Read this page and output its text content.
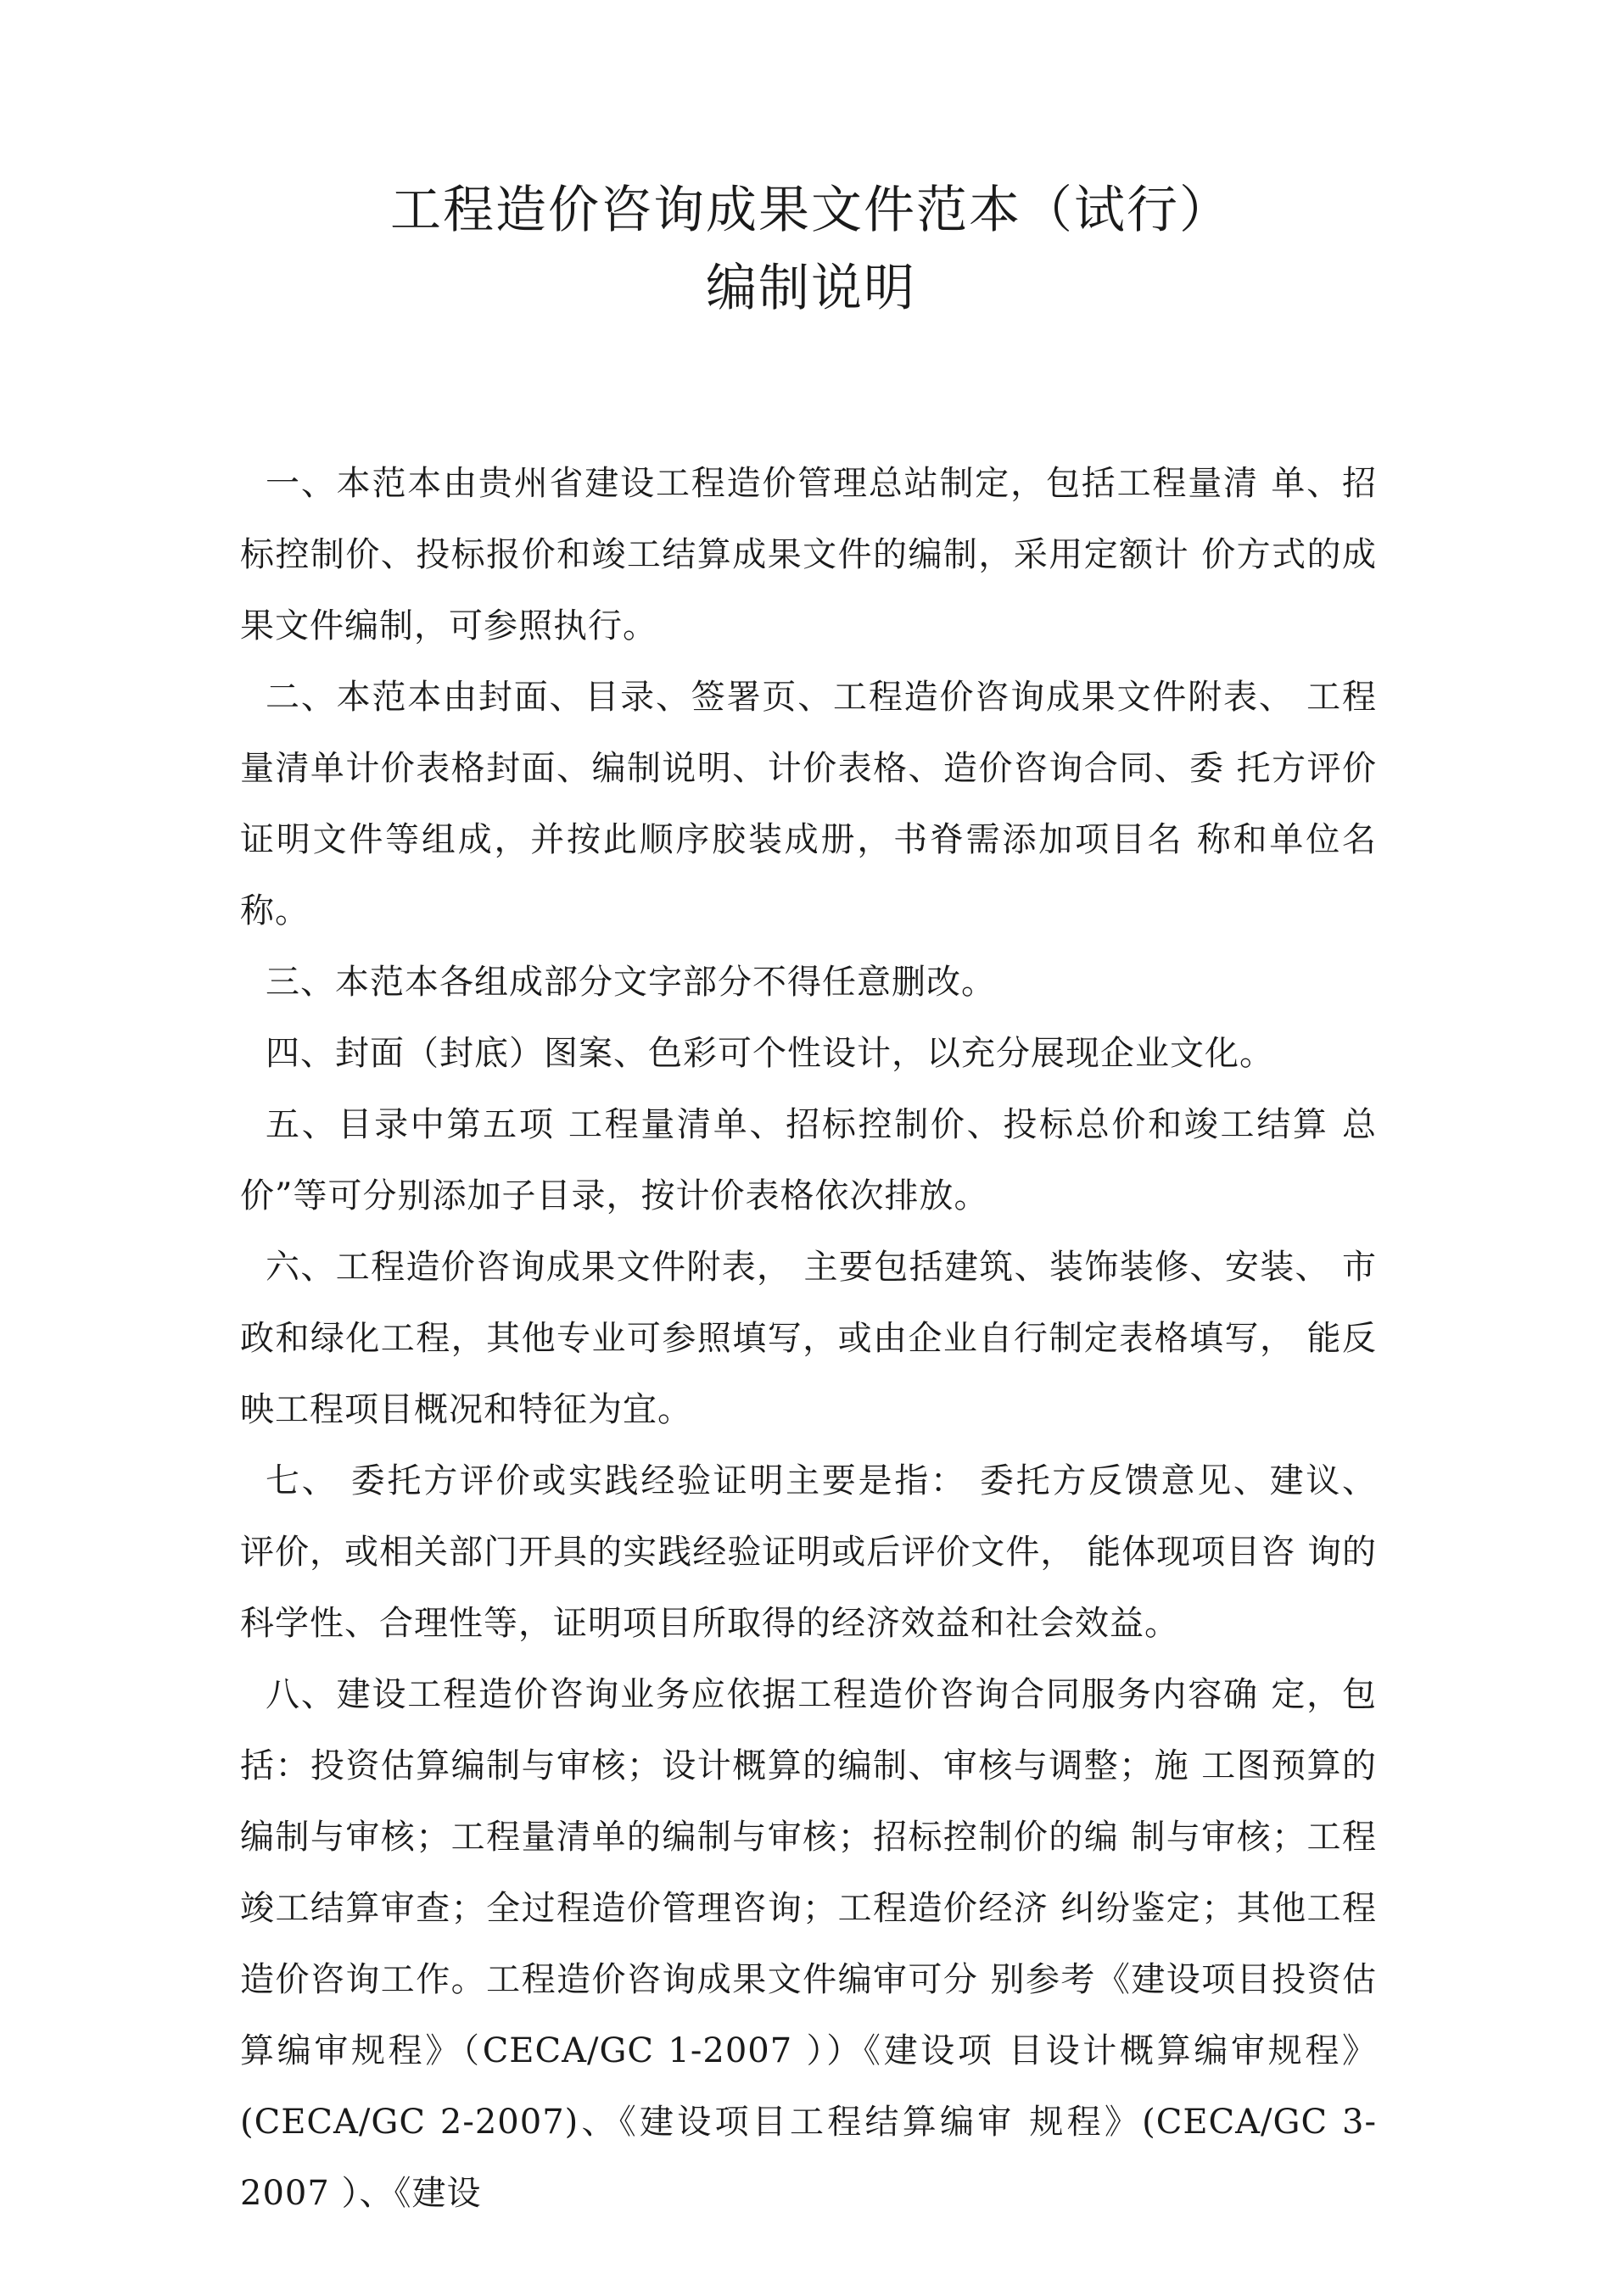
工程造价咨询成果文件范本（试行）
编制说明

一、本范本由贵州省建设工程造价管理总站制定，包括工程量清 单、招标控制价、投标报价和竣工结算成果文件的编制，采用定额计 价方式的成果文件编制，可参照执行。

二、本范本由封面、目录、签署页、工程造价咨询成果文件附表、 工程量清单计价表格封面、编制说明、计价表格、造价咨询合同、委 托方评价证明文件等组成，并按此顺序胶装成册，书脊需添加项目名 称和单位名称。

三、本范本各组成部分文字部分不得任意删改。

四、封面（封底）图案、色彩可个性设计，以充分展现企业文化。

五、目录中第五项 工程量清单、招标控制价、投标总价和竣工结算 总价”等可分别添加子目录，按计价表格依次排放。

六、工程造价咨询成果文件附表， 主要包括建筑、装饰装修、安装、 市政和绿化工程，其他专业可参照填写，或由企业自行制定表格填写， 能反映工程项目概况和特征为宜。

七、 委托方评价或实践经验证明主要是指： 委托方反馈意见、建议、 评价，或相关部门开具的实践经验证明或后评价文件， 能体现项目咨 询的科学性、合理性等，证明项目所取得的经济效益和社会效益。

八、建设工程造价咨询业务应依据工程造价咨询合同服务内容确 定，包括：投资估算编制与审核；设计概算的编制、审核与调整；施 工图预算的编制与审核；工程量清单的编制与审核；招标控制价的编 制与审核；工程竣工结算审查；全过程造价管理咨询；工程造价经济 纠纷鉴定；其他工程造价咨询工作。工程造价咨询成果文件编审可分 别参考《建设项目投资估算编审规程》（CECA/GC 1-2007 ））《建设项 目设计概算编审规程》(CECA/GC 2-2007)、《建设项目工程结算编审 规程》(CECA/GC 3-2007 ）、《建设
